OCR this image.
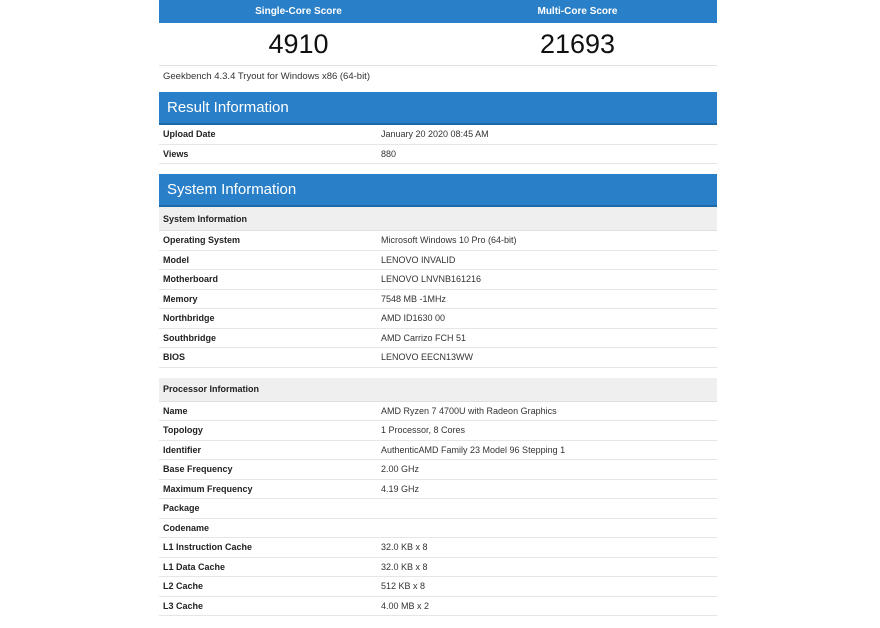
Single-Core Score	Multi-Core Score
4910	21693
Geekbench 4.3.4 Tryout for Windows x86 (64-bit)
Result Information
Upload Date	January 20 2020 08:45 AM
Views	880
System Information
System Information
Operating System	Microsoft Windows 10 Pro (64-bit)
Model	LENOVO INVALID
Motherboard	LENOVO LNVNB161216
Memory	7548 MB -1MHz
Northbridge	AMD ID1630 00
Southbridge	AMD Carrizo FCH 51
BIOS	LENOVO EECN13WW
Processor Information
Name	AMD Ryzen 7 4700U with Radeon Graphics
Topology	1 Processor, 8 Cores
Identifier	AuthenticAMD Family 23 Model 96 Stepping 1
Base Frequency	2.00 GHz
Maximum Frequency	4.19 GHz
Package
Codename
L1 Instruction Cache	32.0 KB x 8
L1 Data Cache	32.0 KB x 8
L2 Cache	512 KB x 8
L3 Cache	4.00 MB x 2
